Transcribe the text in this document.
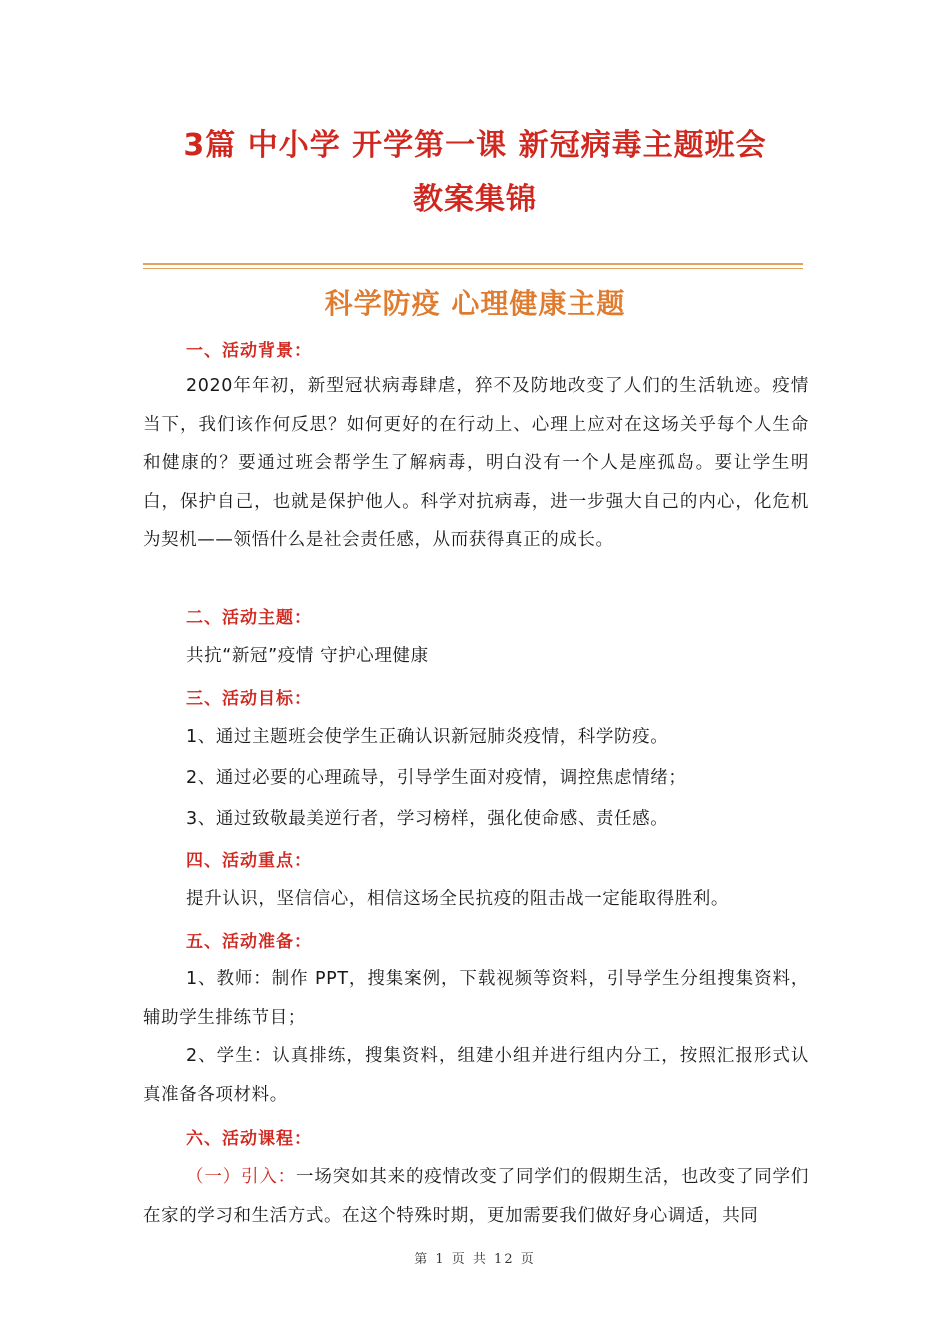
3篇 中小学 开学第一课 新冠病毒主题班会
教案集锦
科学防疫 心理健康主题
一、活动背景：

2020年年初，新型冠状病毒肆虐，猝不及防地改变了人们的生活轨迹。疫情当下，我们该作何反思？如何更好的在行动上、心理上应对在这场关乎每个人生命和健康的？要通过班会帮学生了解病毒，明白没有一个人是座孤岛。要让学生明白，保护自己，也就是保护他人。科学对抗病毒，进一步强大自己的内心，化危机为契机——领悟什么是社会责任感，从而获得真正的成长。

二、活动主题：
共抗“新冠”疫情 守护心理健康
三、活动目标：
1、通过主题班会使学生正确认识新冠肺炎疫情，科学防疫。
2、通过必要的心理疏导，引导学生面对疫情，调控焦虑情绪；
3、通过致敬最美逆行者，学习榜样，强化使命感、责任感。
四、活动重点：
提升认识，坚信信心，相信这场全民抗疫的阻击战一定能取得胜利。
五、活动准备：

1、教师：制作 PPT，搜集案例，下载视频等资料，引导学生分组搜集资料，辅助学生排练节目；

2、学生：认真排练，搜集资料，组建小组并进行组内分工，按照汇报形式认真准备各项材料。

六、活动课程：

（一）引入：一场突如其来的疫情改变了同学们的假期生活，也改变了同学们在家的学习和生活方式。在这个特殊时期，更加需要我们做好身心调适，共同

第 1 页 共 12 页
